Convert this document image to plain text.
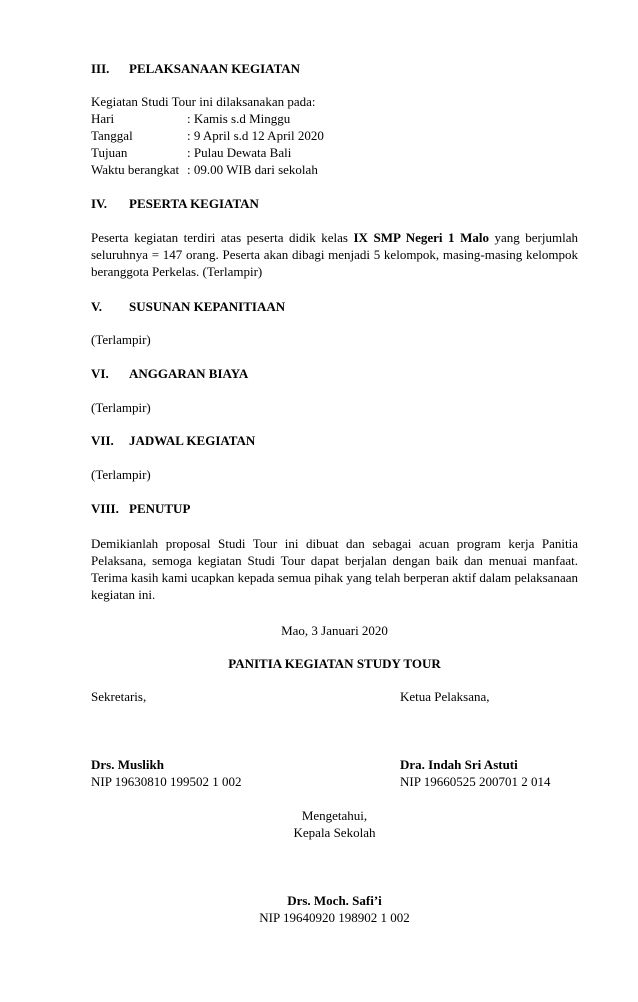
III. PELAKSANAAN KEGIATAN
Kegiatan Studi Tour ini dilaksanakan pada:
Hari	: Kamis s.d Minggu
Tanggal	: 9 April s.d 12 April 2020
Tujuan	: Pulau Dewata Bali
Waktu berangkat : 09.00 WIB dari sekolah
IV. PESERTA KEGIATAN
Peserta kegiatan terdiri atas peserta didik kelas IX SMP Negeri 1 Malo yang berjumlah seluruhnya = 147 orang. Peserta akan dibagi menjadi 5 kelompok, masing-masing kelompok beranggota Perkelas. (Terlampir)
V. SUSUNAN KEPANITIAAN
(Terlampir)
VI. ANGGARAN BIAYA
(Terlampir)
VII. JADWAL KEGIATAN
(Terlampir)
VIII. PENUTUP
Demikianlah proposal Studi Tour ini dibuat dan sebagai acuan program kerja Panitia Pelaksana, semoga kegiatan Studi Tour dapat berjalan dengan baik dan menuai manfaat. Terima kasih kami ucapkan kepada semua pihak yang telah berperan aktif dalam pelaksanaan kegiatan ini.
Mao, 3 Januari 2020
PANITIA KEGIATAN STUDY TOUR
Sekretaris,	Ketua Pelaksana,
Drs. Muslikh	Dra. Indah Sri Astuti
NIP 19630810 199502 1 002	NIP 19660525 200701 2 014
Mengetahui,
Kepala Sekolah
Drs. Moch. Safi’i
NIP 19640920 198902 1 002
